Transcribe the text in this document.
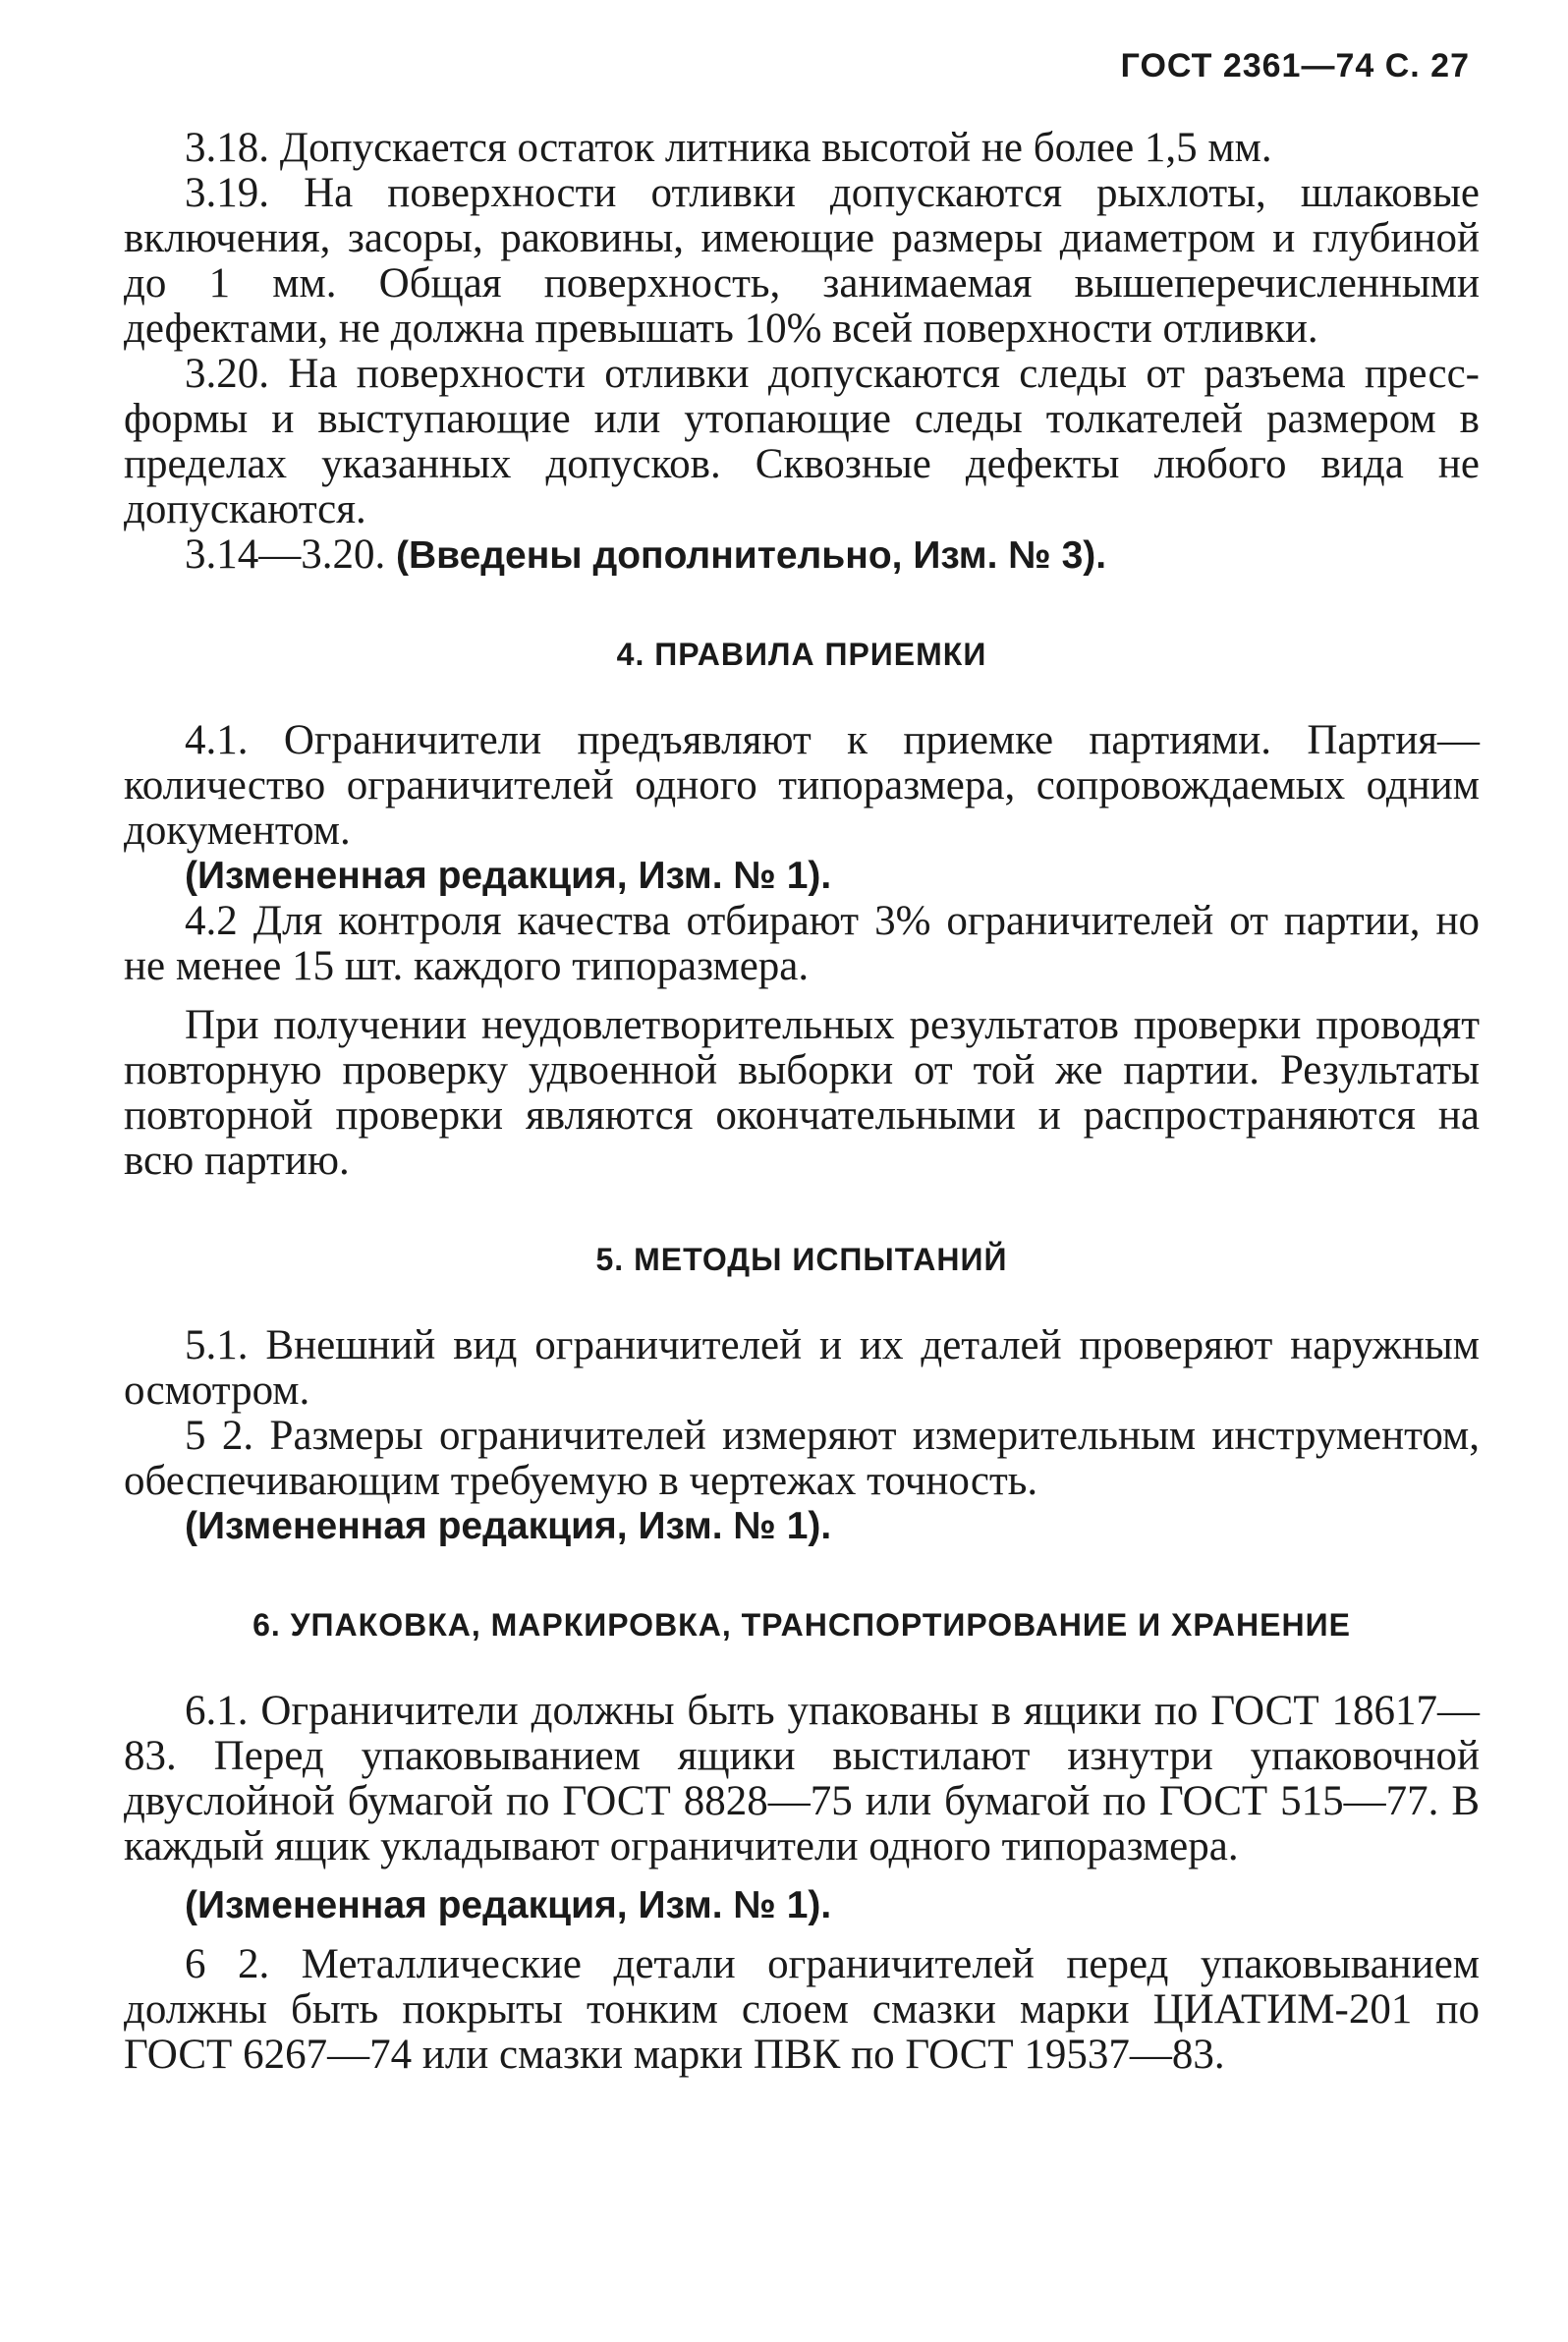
ГОСТ 2361—74 С. 27

3.18. Допускается остаток литника высотой не более 1,5 мм.

3.19. На поверхности отливки допускаются рыхлоты, шлаковые включения, засоры, раковины, имеющие размеры диаметром и глубиной до 1 мм. Общая поверхность, занимаемая вышеперечисленными дефектами, не должна превышать 10% всей поверхности отливки.

3.20. На поверхности отливки допускаются следы от разъема пресс-формы и выступающие или утопающие следы толкателей размером в пределах указанных допусков. Сквозные дефекты любого вида не допускаются.

3.14—3.20. (Введены дополнительно, Изм. № 3).

4. ПРАВИЛА ПРИЕМКИ

4.1. Ограничители предъявляют к приемке партиями. Партия— количество ограничителей одного типоразмера, сопровождаемых одним документом.

(Измененная редакция, Изм. № 1).

4.2 Для контроля качества отбирают 3% ограничителей от партии, но не менее 15 шт. каждого типоразмера.

При получении неудовлетворительных результатов проверки проводят повторную проверку удвоенной выборки от той же партии. Результаты повторной проверки являются окончательными и распространяются на всю партию.

5. МЕТОДЫ ИСПЫТАНИЙ

5.1. Внешний вид ограничителей и их деталей проверяют наружным осмотром.

5 2. Размеры ограничителей измеряют измерительным инструментом, обеспечивающим требуемую в чертежах точность.

(Измененная редакция, Изм. № 1).

6. УПАКОВКА, МАРКИРОВКА, ТРАНСПОРТИРОВАНИЕ И ХРАНЕНИЕ

6.1. Ограничители должны быть упакованы в ящики по ГОСТ 18617—83. Перед упаковыванием ящики выстилают изнутри упаковочной двуслойной бумагой по ГОСТ 8828—75 или бумагой по ГОСТ 515—77. В каждый ящик укладывают ограничители одного типоразмера.

(Измененная редакция, Изм. № 1).

6 2. Металлические детали ограничителей перед упаковыванием должны быть покрыты тонким слоем смазки марки ЦИАТИМ-201 по ГОСТ 6267—74 или смазки марки ПВК по ГОСТ 19537—83.
